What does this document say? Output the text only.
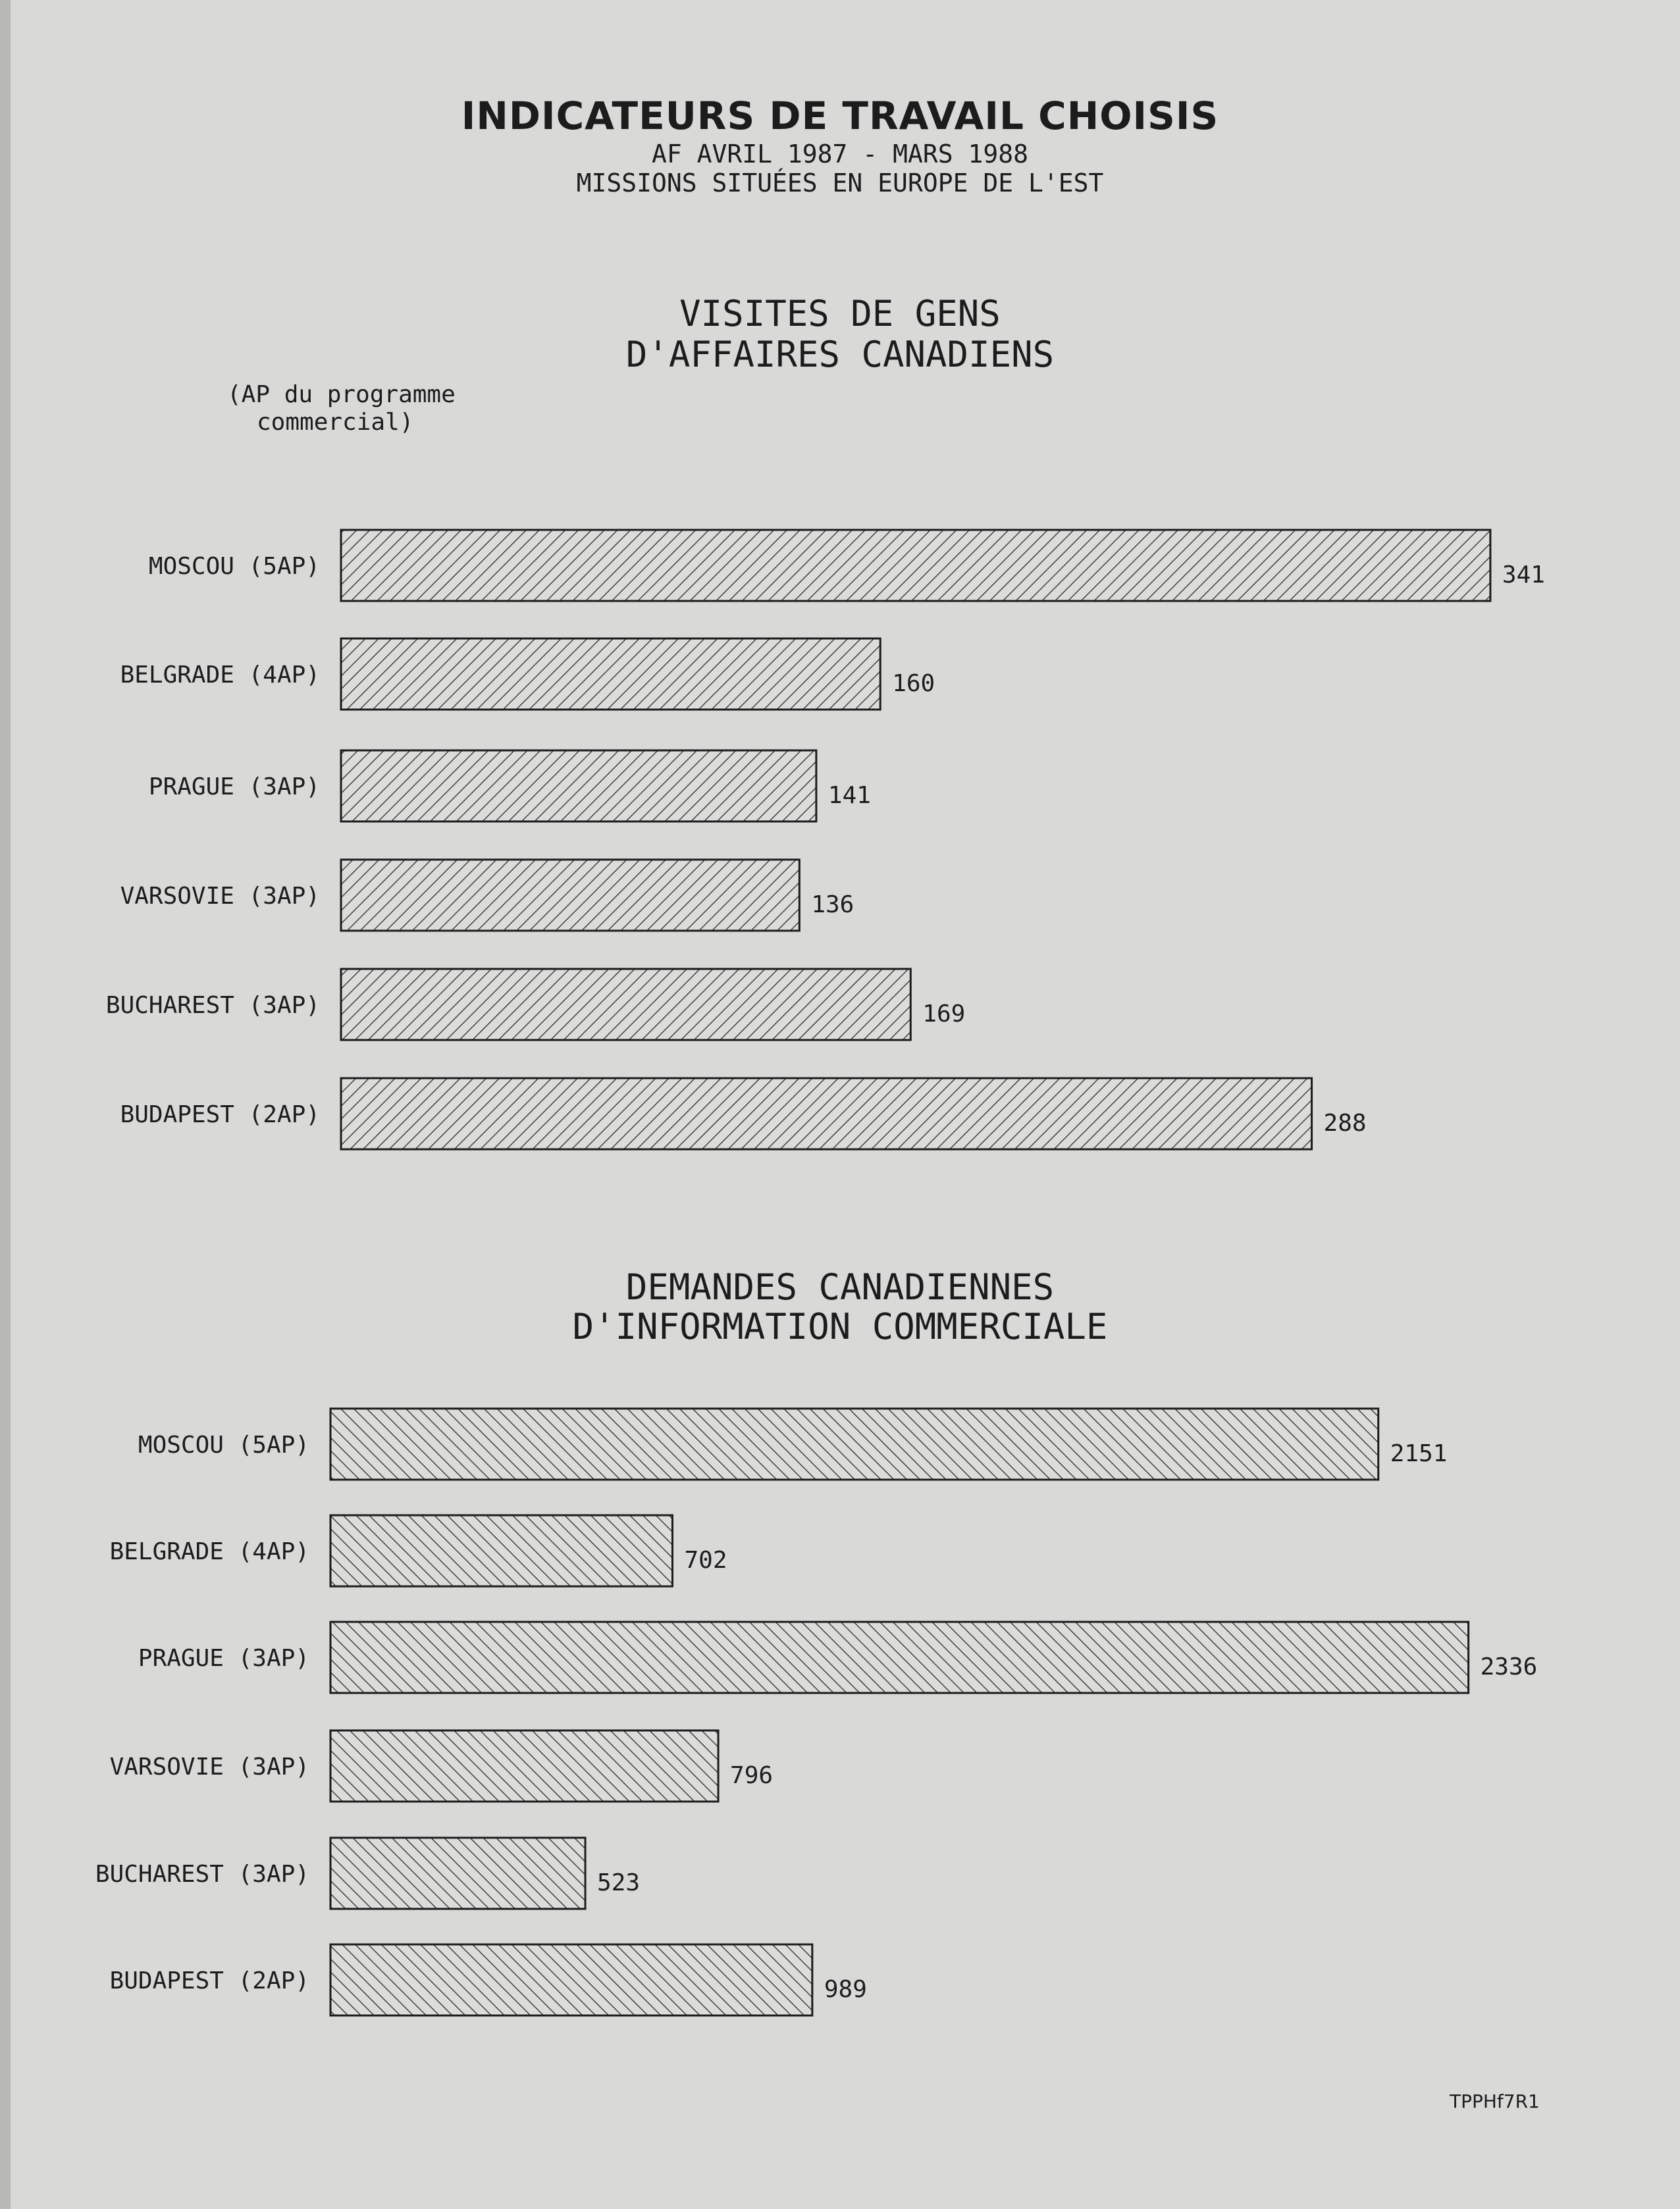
INDICATEURS DE TRAVAIL CHOISIS
AF AVRIL 1987 - MARS 1988
MISSIONS SITUÉES EN EUROPE DE L'EST
VISITES DE GENS
D'AFFAIRES CANADIENS
(AP du programme
commercial)
DEMANDES CANADIENNES
D'INFORMATION COMMERCIALE
MOSCOU (5AP)	341
BELGRADE (4AP)	160
PRAGUE (3AP)	141
VARSOVIE (3AP)	136
BUCHAREST (3AP)	169
BUDAPEST (2AP)	288
MOSCOU (5AP)	2151
BELGRADE (4AP)	702
PRAGUE (3AP)	2336
VARSOVIE (3AP)	796
BUCHAREST (3AP)	523
BUDAPEST (2AP)	989
TPPHf7R1
